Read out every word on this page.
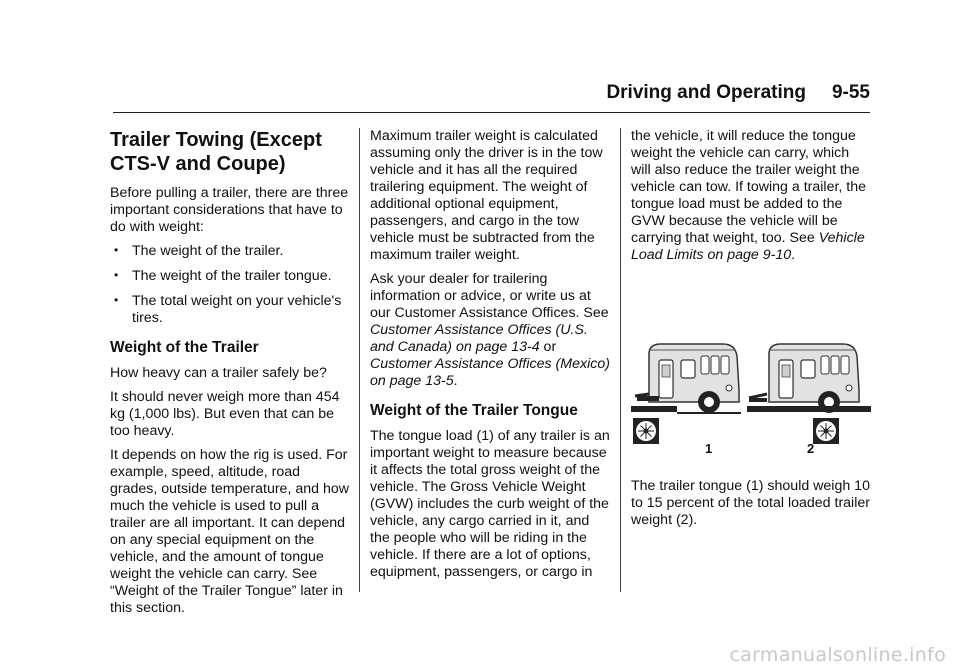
Driving and Operating 9-55
Trailer Towing (Except CTS-V and Coupe)

Before pulling a trailer, there are three important considerations that have to do with weight:

• The weight of the trailer.
• The weight of the trailer tongue.
• The total weight on your vehicle's tires.
Weight of the Trailer

How heavy can a trailer safely be?

It should never weigh more than 454 kg (1,000 lbs). But even that can be too heavy.

It depends on how the rig is used. For example, speed, altitude, road grades, outside temperature, and how much the vehicle is used to pull a trailer are all important. It can depend on any special equipment on the vehicle, and the amount of tongue weight the vehicle can carry. See “Weight of the Trailer Tongue” later in this section.

Maximum trailer weight is calculated assuming only the driver is in the tow vehicle and it has all the required trailering equipment. The weight of additional optional equipment, passengers, and cargo in the tow vehicle must be subtracted from the maximum trailer weight.

Ask your dealer for trailering information or advice, or write us at our Customer Assistance Offices. See Customer Assistance Offices (U.S. and Canada) on page 13-4 or Customer Assistance Offices (Mexico) on page 13-5.

Weight of the Trailer Tongue

The tongue load (1) of any trailer is an important weight to measure because it affects the total gross weight of the vehicle. The Gross Vehicle Weight (GVW) includes the curb weight of the vehicle, any cargo carried in it, and the people who will be riding in the vehicle. If there are a lot of options, equipment, passengers, or cargo in

the vehicle, it will reduce the tongue weight the vehicle can carry, which will also reduce the trailer weight the vehicle can tow. If towing a trailer, the tongue load must be added to the GVW because the vehicle will be carrying that weight, too. See Vehicle Load Limits on page 9-10.

1	2

The trailer tongue (1) should weigh 10 to 15 percent of the total loaded trailer weight (2).

carmanualsonline.info
